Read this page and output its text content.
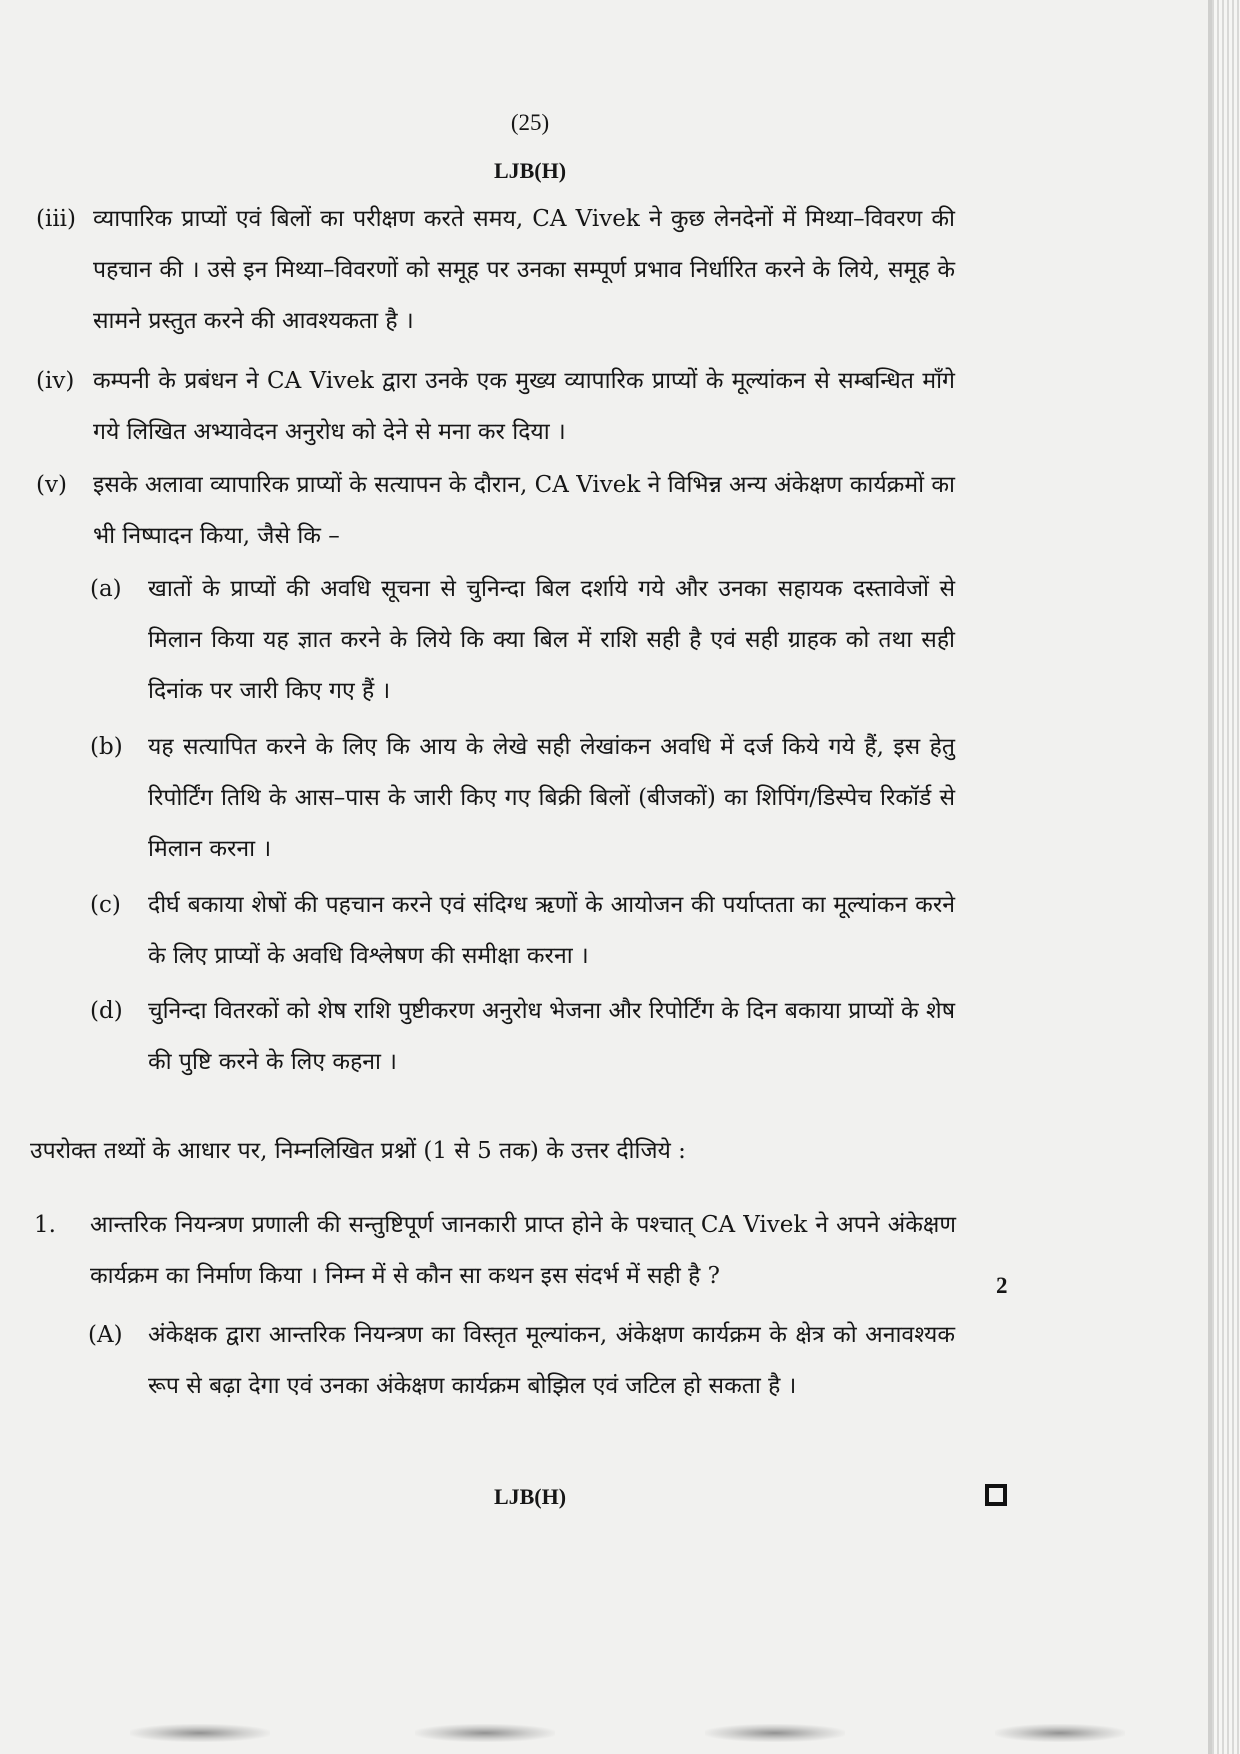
(25)
LJB(H)
(iii) व्यापारिक प्राप्यों एवं बिलों का परीक्षण करते समय, CA Vivek ने कुछ लेनदेनों में मिथ्या–विवरण की पहचान की । उसे इन मिथ्या–विवरणों को समूह पर उनका सम्पूर्ण प्रभाव निर्धारित करने के लिये, समूह के सामने प्रस्तुत करने की आवश्यकता है ।
(iv) कम्पनी के प्रबंधन ने CA Vivek द्वारा उनके एक मुख्य व्यापारिक प्राप्यों के मूल्यांकन से सम्बन्धित माँगे गये लिखित अभ्यावेदन अनुरोध को देने से मना कर दिया ।
(v) इसके अलावा व्यापारिक प्राप्यों के सत्यापन के दौरान, CA Vivek ने विभिन्न अन्य अंकेक्षण कार्यक्रमों का भी निष्पादन किया, जैसे कि –
(a) खातों के प्राप्यों की अवधि सूचना से चुनिन्दा बिल दर्शाये गये और उनका सहायक दस्तावेजों से मिलान किया यह ज्ञात करने के लिये कि क्या बिल में राशि सही है एवं सही ग्राहक को तथा सही दिनांक पर जारी किए गए हैं ।
(b) यह सत्यापित करने के लिए कि आय के लेखे सही लेखांकन अवधि में दर्ज किये गये हैं, इस हेतु रिपोर्टिंग तिथि के आस–पास के जारी किए गए बिक्री बिलों (बीजकों) का शिपिंग/डिस्पेच रिकॉर्ड से मिलान करना ।
(c) दीर्घ बकाया शेषों की पहचान करने एवं संदिग्ध ऋणों के आयोजन की पर्याप्तता का मूल्यांकन करने के लिए प्राप्यों के अवधि विश्लेषण की समीक्षा करना ।
(d) चुनिन्दा वितरकों को शेष राशि पुष्टीकरण अनुरोध भेजना और रिपोर्टिंग के दिन बकाया प्राप्यों के शेष की पुष्टि करने के लिए कहना ।
उपरोक्त तथ्यों के आधार पर, निम्नलिखित प्रश्नों (1 से 5 तक) के उत्तर दीजिये :
1. आन्तरिक नियन्त्रण प्रणाली की सन्तुष्टिपूर्ण जानकारी प्राप्त होने के पश्चात् CA Vivek ने अपने अंकेक्षण कार्यक्रम का निर्माण किया । निम्न में से कौन सा कथन इस संदर्भ में सही है ?	2
(A) अंकेक्षक द्वारा आन्तरिक नियन्त्रण का विस्तृत मूल्यांकन, अंकेक्षण कार्यक्रम के क्षेत्र को अनावश्यक रूप से बढ़ा देगा एवं उनका अंकेक्षण कार्यक्रम बोझिल एवं जटिल हो सकता है ।
LJB(H)
